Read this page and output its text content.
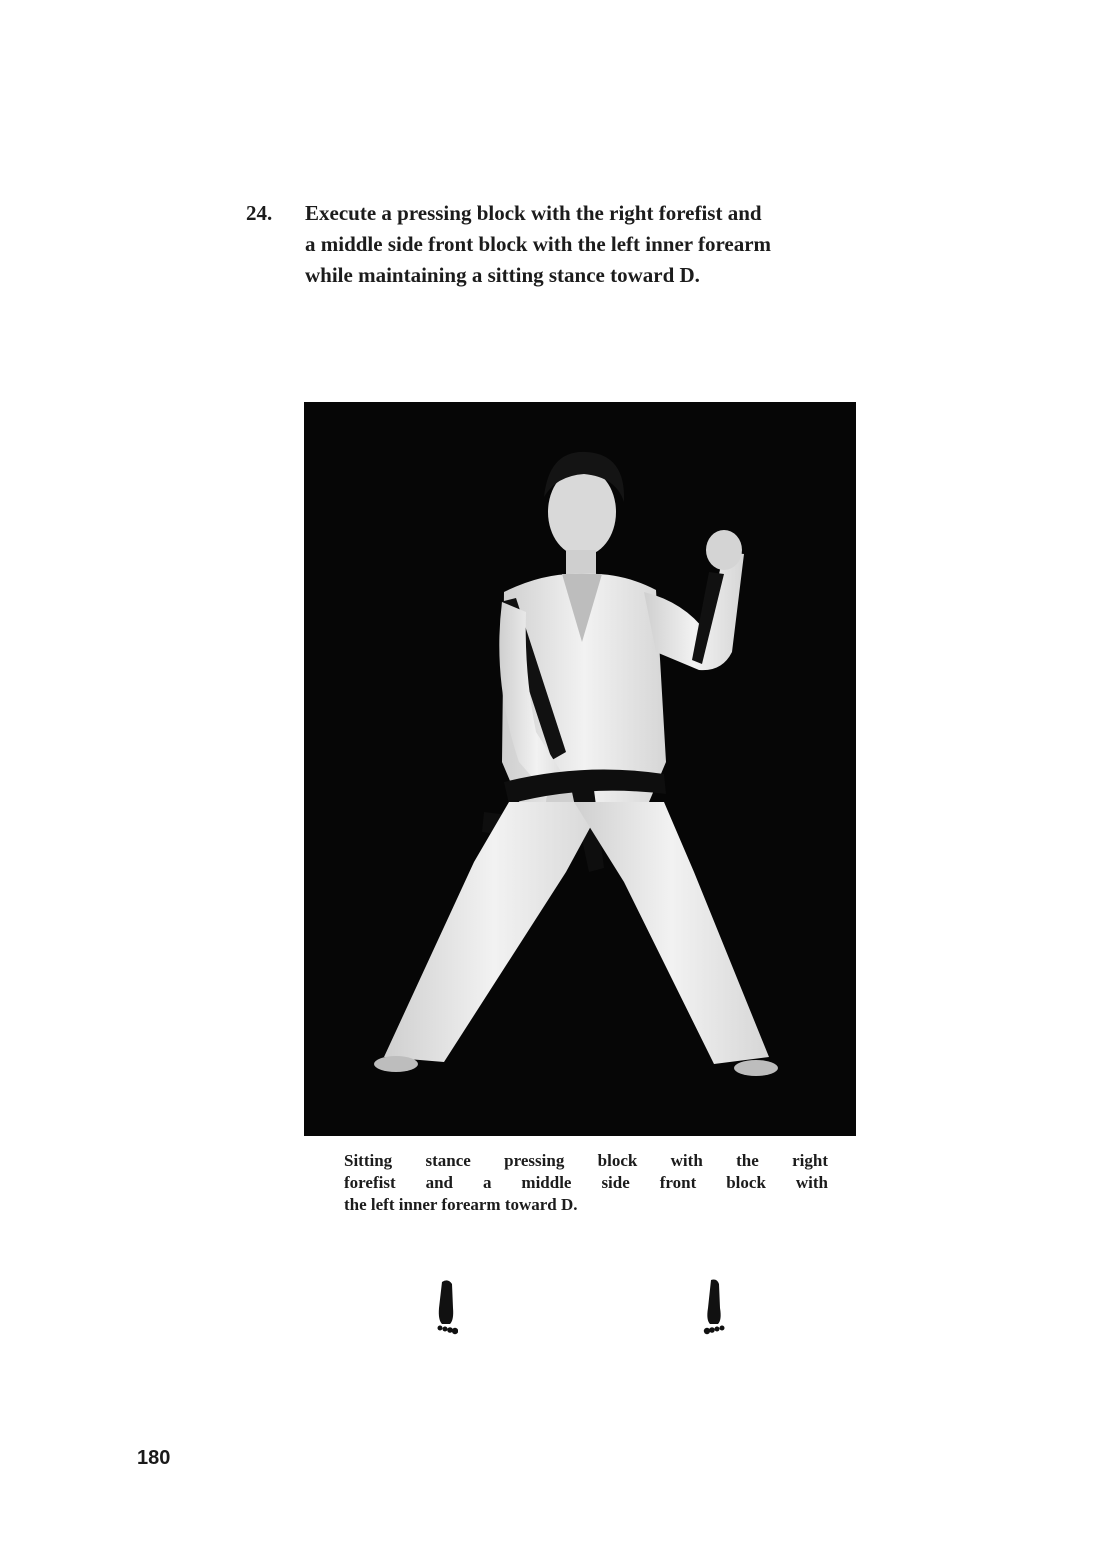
24.	Execute a pressing block with the right forefist and
a middle side front block with the left inner forearm
while maintaining a sitting stance toward D.
Sitting stance pressing block with the right
forefist and a middle side front block with
the left inner forearm toward D.
180
